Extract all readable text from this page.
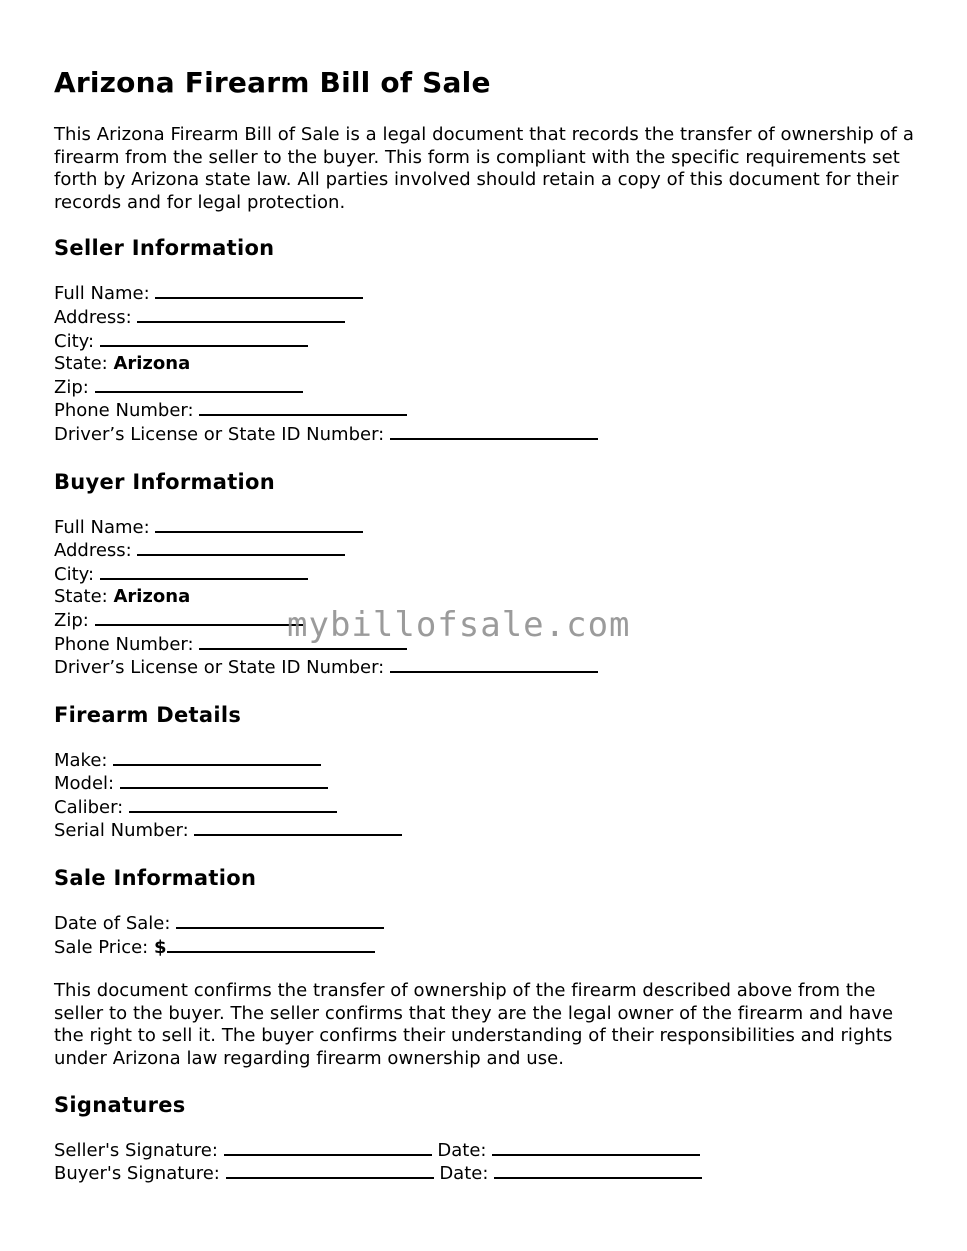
Arizona Firearm Bill of Sale

This Arizona Firearm Bill of Sale is a legal document that records the transfer of ownership of a firearm from the seller to the buyer. This form is compliant with the specific requirements set forth by Arizona state law. All parties involved should retain a copy of this document for their records and for legal protection.

Seller Information
Full Name:
Address:
City:
State: Arizona
Zip:
Phone Number:
Driver’s License or State ID Number:
Buyer Information
Full Name:
Address:
City:
State: Arizona
Zip:
Phone Number:
Driver’s License or State ID Number:
Firearm Details
Make:
Model:
Caliber:
Serial Number:
Sale Information
Date of Sale:
Sale Price: $

This document confirms the transfer of ownership of the firearm described above from the seller to the buyer. The seller confirms that they are the legal owner of the firearm and have the right to sell it. The buyer confirms their understanding of their responsibilities and rights under Arizona law regarding firearm ownership and use.

Signatures
Seller's Signature:	Date:
Buyer's Signature:	Date:
mybillofsale.com
